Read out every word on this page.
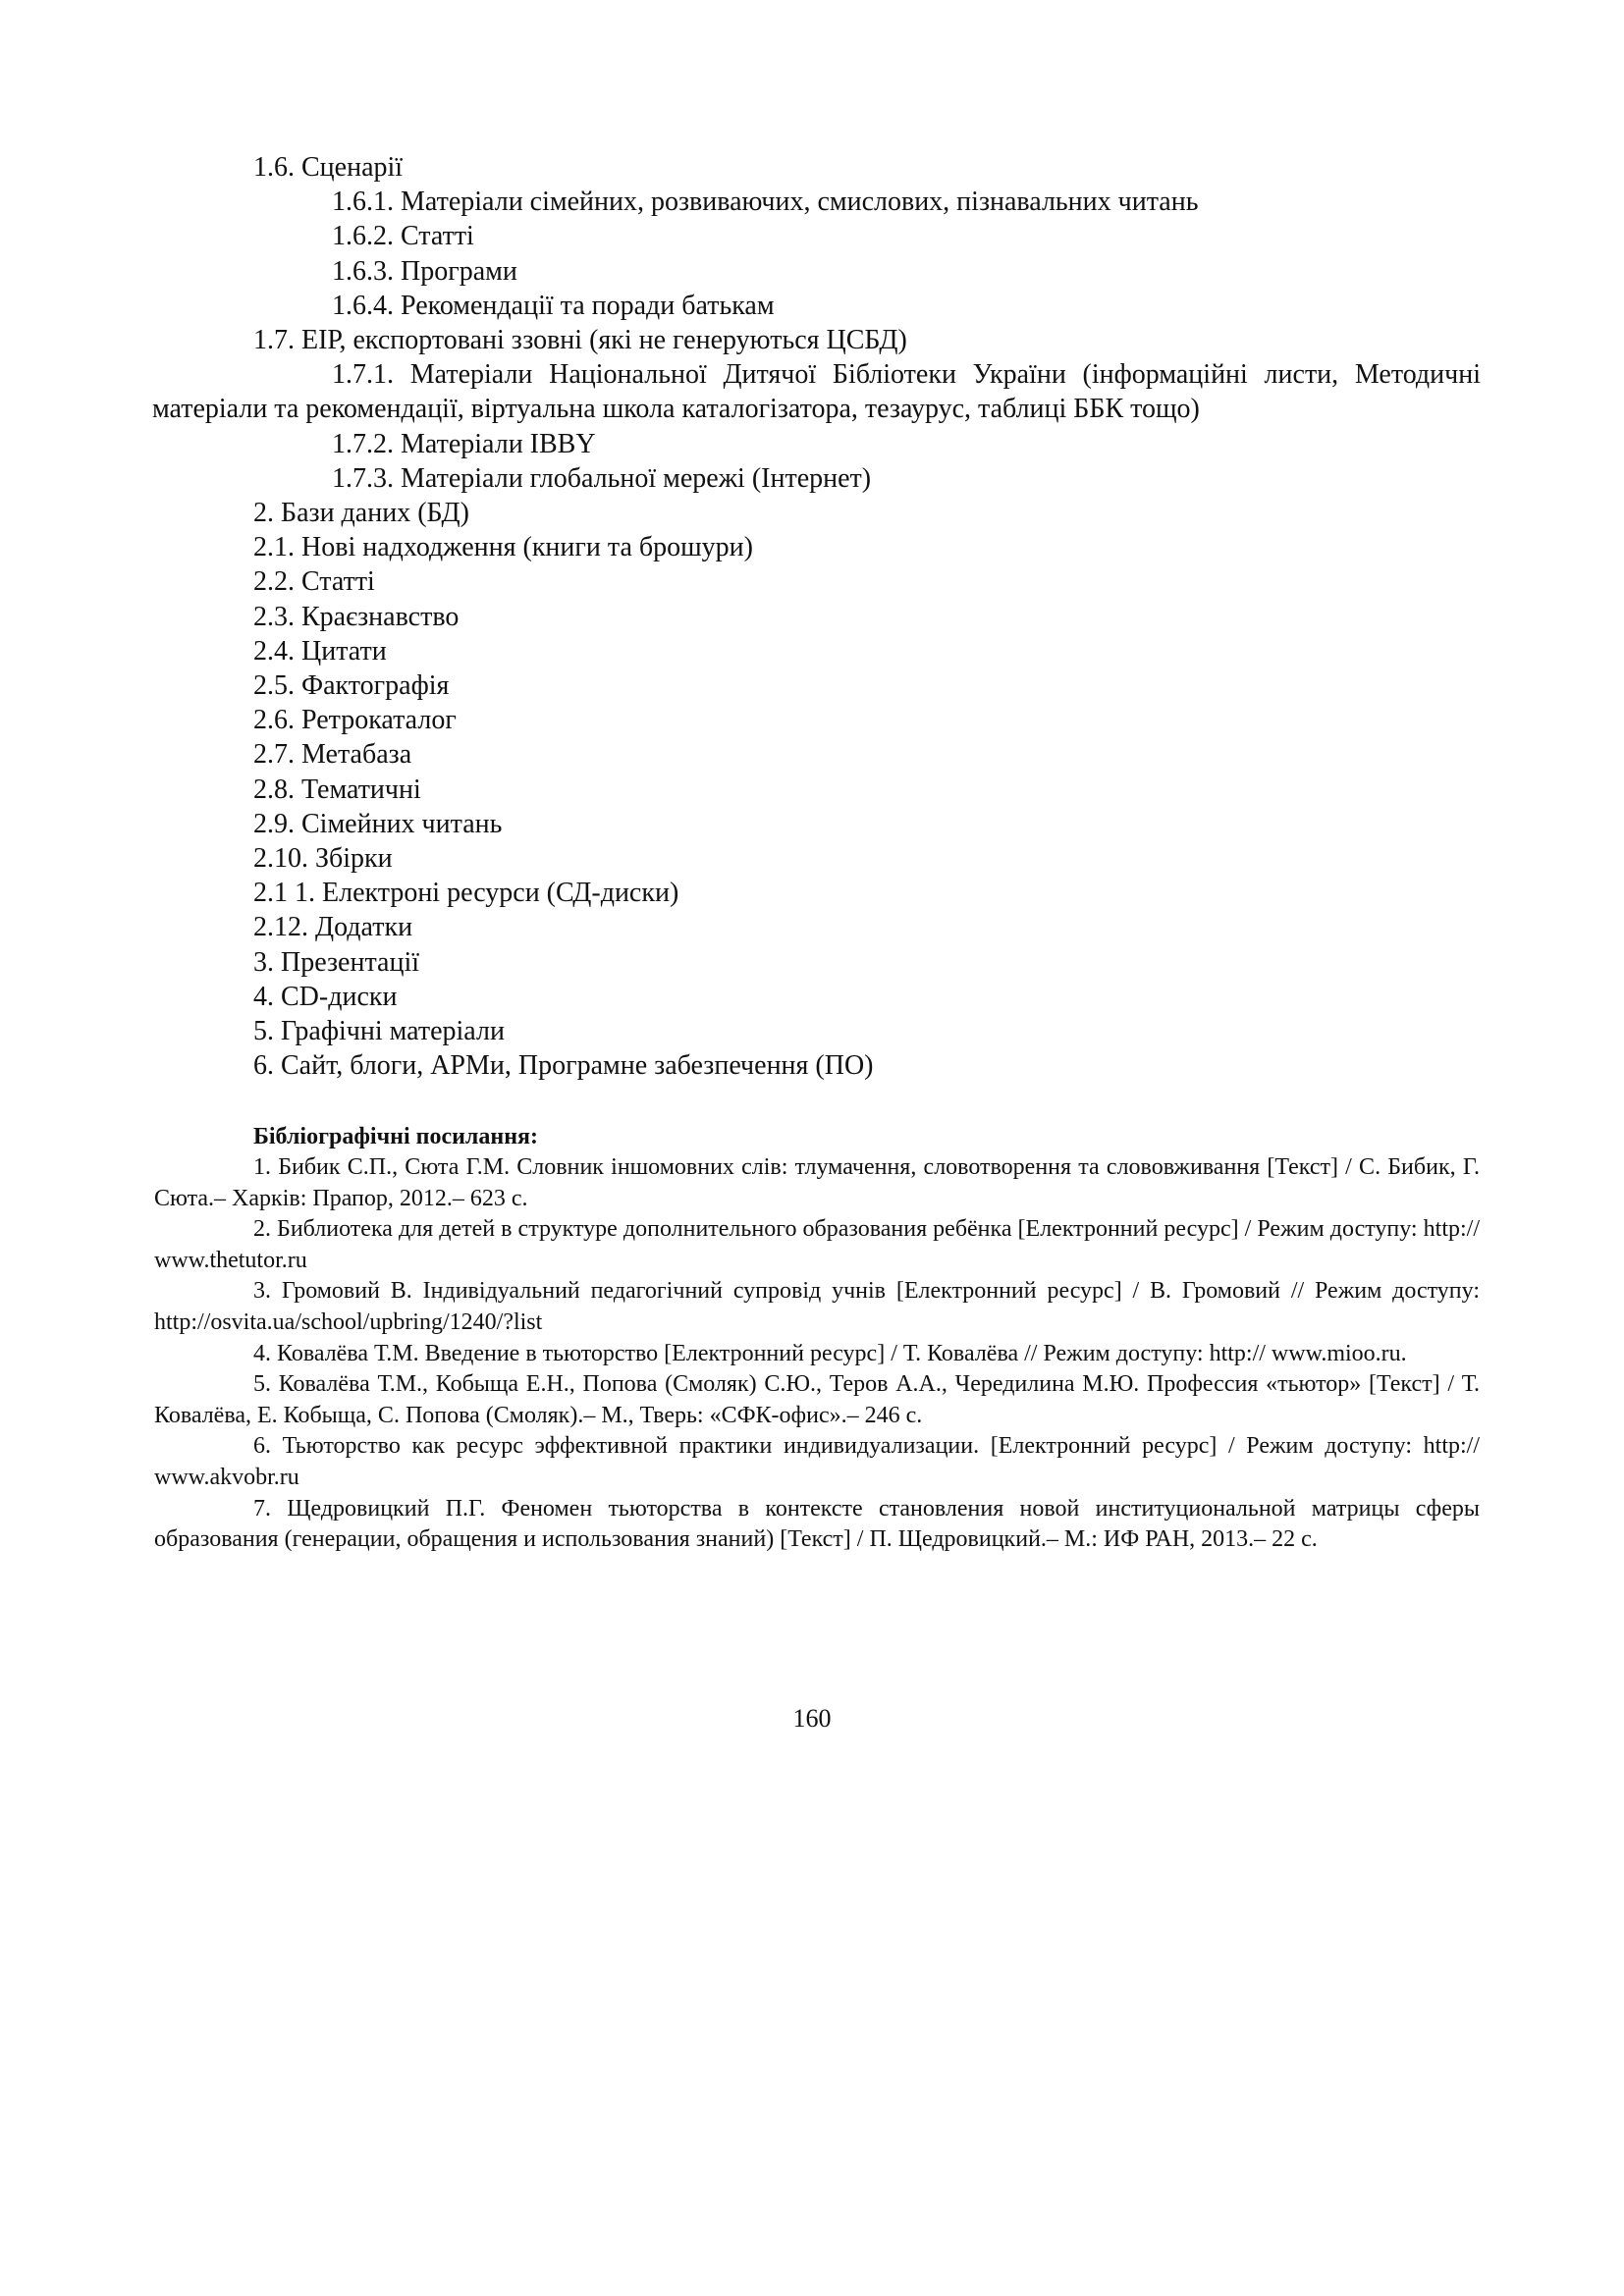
1.6. Сценарії
1.6.1. Матеріали сімейних, розвиваючих, смислових, пізнавальних читань
1.6.2. Статті
1.6.3. Програми
1.6.4. Рекомендації та поради батькам
1.7. ЕІР, експортовані ззовні (які не генеруються ЦСБД)
1.7.1. Матеріали Національної Дитячої Бібліотеки України (інформаційні листи, Методичні матеріали та рекомендації, віртуальна школа каталогізатора, тезаурус, таблиці ББК тощо)
1.7.2. Матеріали IBBY
1.7.3. Матеріали глобальної мережі (Інтернет)
2. Бази даних (БД)
2.1. Нові надходження (книги та брошури)
2.2. Статті
2.3. Краєзнавство
2.4. Цитати
2.5. Фактографія
2.6. Ретрокаталог
2.7. Метабаза
2.8. Тематичні
2.9. Сімейних читань
2.10. Збірки
2.1 1. Електроні ресурси (СД-диски)
2.12. Додатки
3. Презентації
4. CD-диски
5. Графічні матеріали
6. Сайт, блоги, АРМи, Програмне забезпечення (ПО)
Бібліографічні посилання:

1. Бибик С.П., Сюта Г.М. Словник іншомовних слів: тлумачення, словотворення та слововживання [Текст] / С. Бибик, Г. Сюта.– Харків: Прапор, 2012.– 623 с.

2. Библиотека для детей в структуре дополнительного образования ребёнка [Електронний ресурс] / Режим доступу: http:// www.thetutor.ru

3. Громовий В. Індивідуальний педагогічний супровід учнів [Електронний ресурс] / В. Громовий // Режим доступу: http://osvita.ua/school/upbring/1240/?list

4. Ковалёва Т.М. Введение в тьюторство [Електронний ресурс] / Т. Ковалёва // Режим доступу: http:// www.mioo.ru.

5. Ковалёва Т.М., Кобыща Е.Н., Попова (Смоляк) С.Ю., Теров А.А., Чередилина М.Ю. Профессия «тьютор» [Текст] / Т. Ковалёва, Е. Кобыща, С. Попова (Смоляк).– М., Тверь: «СФК-офис».– 246 с.

6. Тьюторство как ресурс эффективной практики индивидуализации. [Електронний ресурс] / Режим доступу: http:// www.akvobr.ru

7. Щедровицкий П.Г. Феномен тьюторства в контексте становления новой институциональной матрицы сферы образования (генерации, обращения и использования знаний) [Текст] / П. Щедровицкий.– М.: ИФ РАН, 2013.– 22 с.

160
